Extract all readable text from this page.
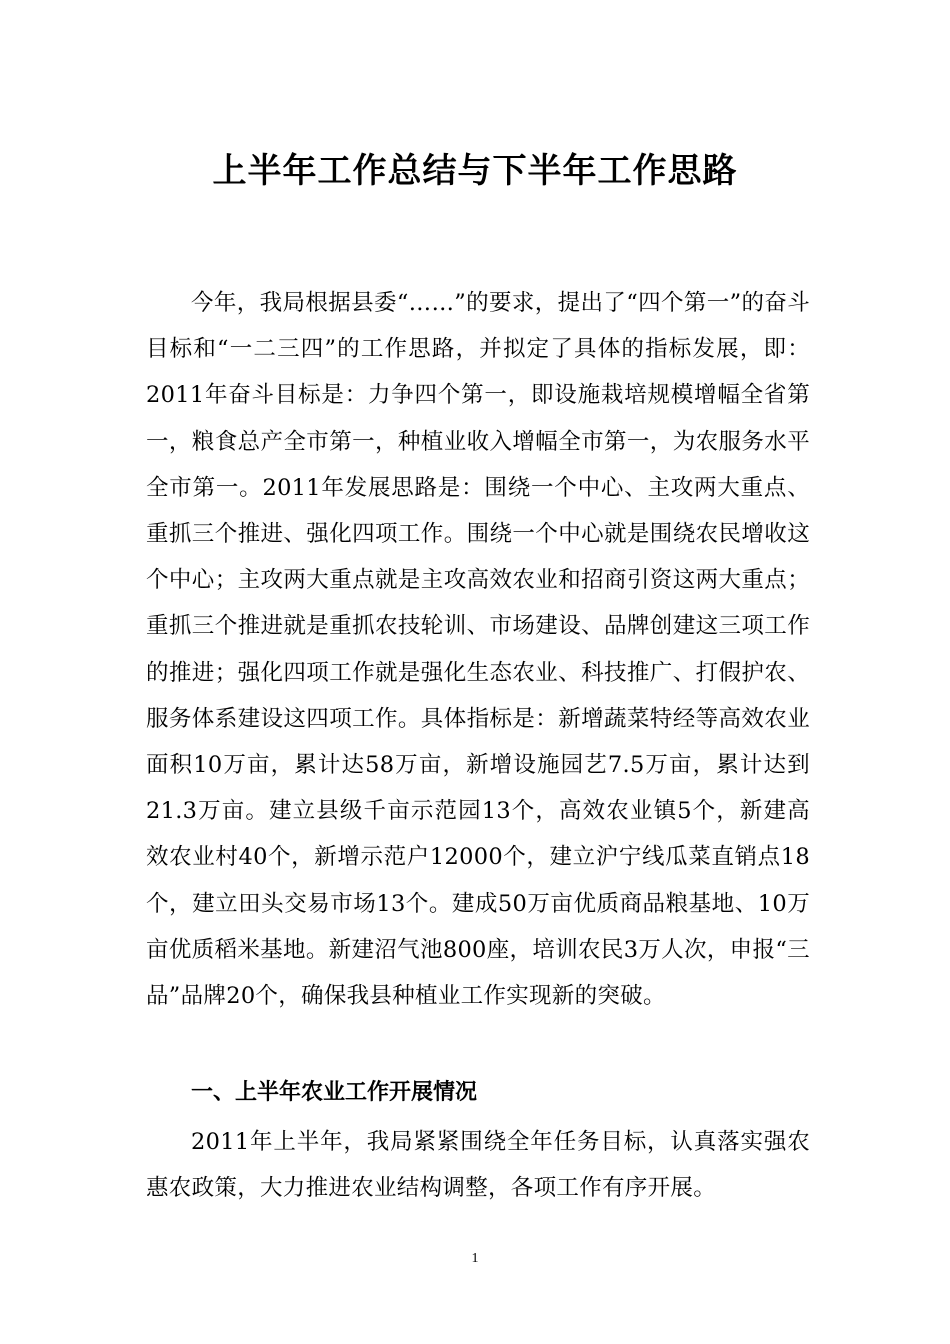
上半年工作总结与下半年工作思路

今年，我局根据县委“……”的要求，提出了“四个第一”的奋斗目标和“一二三四”的工作思路，并拟定了具体的指标发展，即：2011年奋斗目标是：力争四个第一，即设施栽培规模增幅全省第一，粮食总产全市第一，种植业收入增幅全市第一，为农服务水平全市第一。2011年发展思路是：围绕一个中心、主攻两大重点、重抓三个推进、强化四项工作。围绕一个中心就是围绕农民增收这个中心；主攻两大重点就是主攻高效农业和招商引资这两大重点；重抓三个推进就是重抓农技轮训、市场建设、品牌创建这三项工作的推进；强化四项工作就是强化生态农业、科技推广、打假护农、服务体系建设这四项工作。具体指标是：新增蔬菜特经等高效农业面积10万亩，累计达58万亩，新增设施园艺7.5万亩，累计达到21.3万亩。建立县级千亩示范园13个，高效农业镇5个，新建高效农业村40个，新增示范户12000个，建立沪宁线瓜菜直销点18个，建立田头交易市场13个。建成50万亩优质商品粮基地、10万亩优质稻米基地。新建沼气池800座，培训农民3万人次，申报“三品”品牌20个，确保我县种植业工作实现新的突破。

一、上半年农业工作开展情况

2011年上半年，我局紧紧围绕全年任务目标，认真落实强农惠农政策，大力推进农业结构调整，各项工作有序开展。

1
